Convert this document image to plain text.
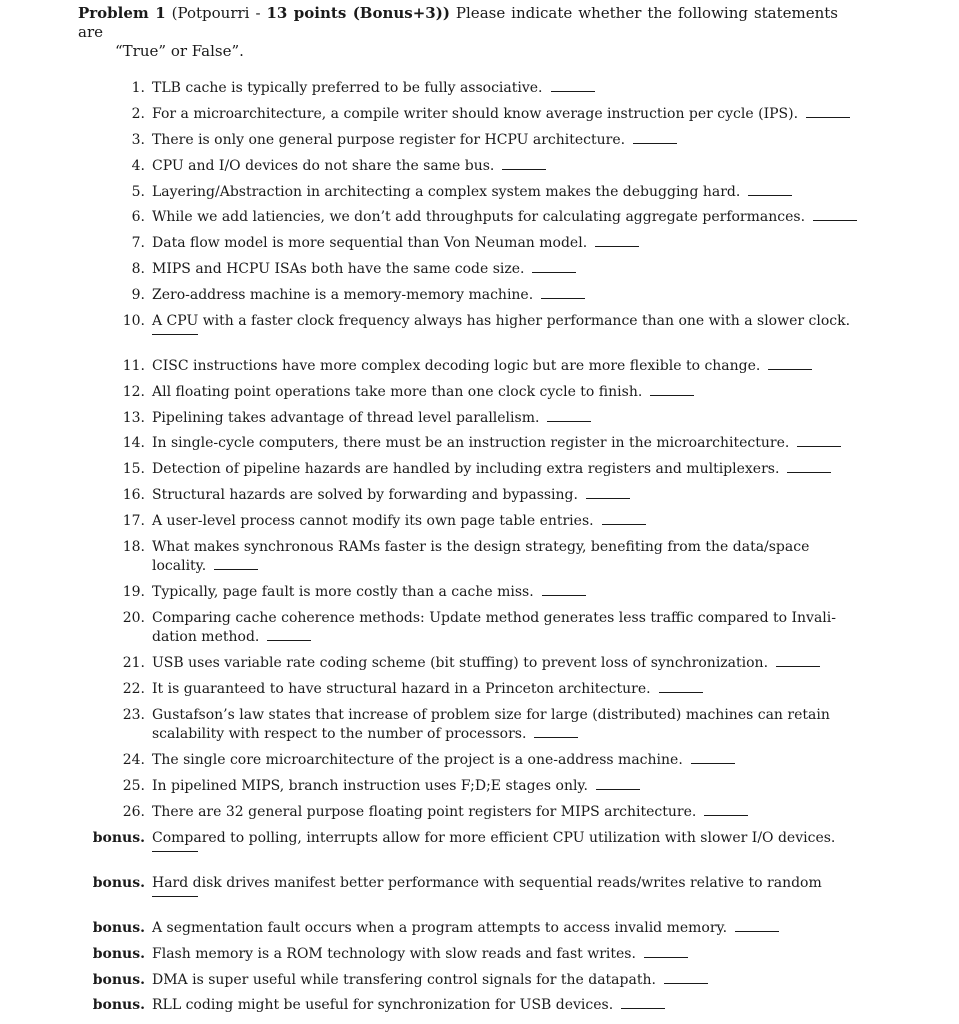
Problem 1 (Potpourri - 13 points (Bonus+3)) Please indicate whether the following statements are
“True” or False”.
1. TLB cache is typically preferred to be fully associative.
2. For a microarchitecture, a compile writer should know average instruction per cycle (IPS).
3. There is only one general purpose register for HCPU architecture.
4. CPU and I/O devices do not share the same bus.
5. Layering/Abstraction in architecting a complex system makes the debugging hard.
6. While we add latiencies, we don’t add throughputs for calculating aggregate performances.
7. Data flow model is more sequential than Von Neuman model.
8. MIPS and HCPU ISAs both have the same code size.
9. Zero-address machine is a memory-memory machine.
10. A CPU with a faster clock frequency always has higher performance than one with a slower clock.
11. CISC instructions have more complex decoding logic but are more flexible to change.
12. All floating point operations take more than one clock cycle to finish.
13. Pipelining takes advantage of thread level parallelism.
14. In single-cycle computers, there must be an instruction register in the microarchitecture.
15. Detection of pipeline hazards are handled by including extra registers and multiplexers.
16. Structural hazards are solved by forwarding and bypassing.
17. A user-level process cannot modify its own page table entries.
18. What makes synchronous RAMs faster is the design strategy, benefiting from the data/space
locality.
19. Typically, page fault is more costly than a cache miss.
20. Comparing cache coherence methods: Update method generates less traffic compared to Invali-
dation method.
21. USB uses variable rate coding scheme (bit stuffing) to prevent loss of synchronization.
22. It is guaranteed to have structural hazard in a Princeton architecture.
23. Gustafson’s law states that increase of problem size for large (distributed) machines can retain
scalability with respect to the number of processors.
24. The single core microarchitecture of the project is a one-address machine.
25. In pipelined MIPS, branch instruction uses F;D;E stages only.
26. There are 32 general purpose floating point registers for MIPS architecture.
bonus. Compared to polling, interrupts allow for more efficient CPU utilization with slower I/O devices.
bonus. Hard disk drives manifest better performance with sequential reads/writes relative to random
bonus. A segmentation fault occurs when a program attempts to access invalid memory.
bonus. Flash memory is a ROM technology with slow reads and fast writes.
bonus. DMA is super useful while transfering control signals for the datapath.
bonus. RLL coding might be useful for synchronization for USB devices.
